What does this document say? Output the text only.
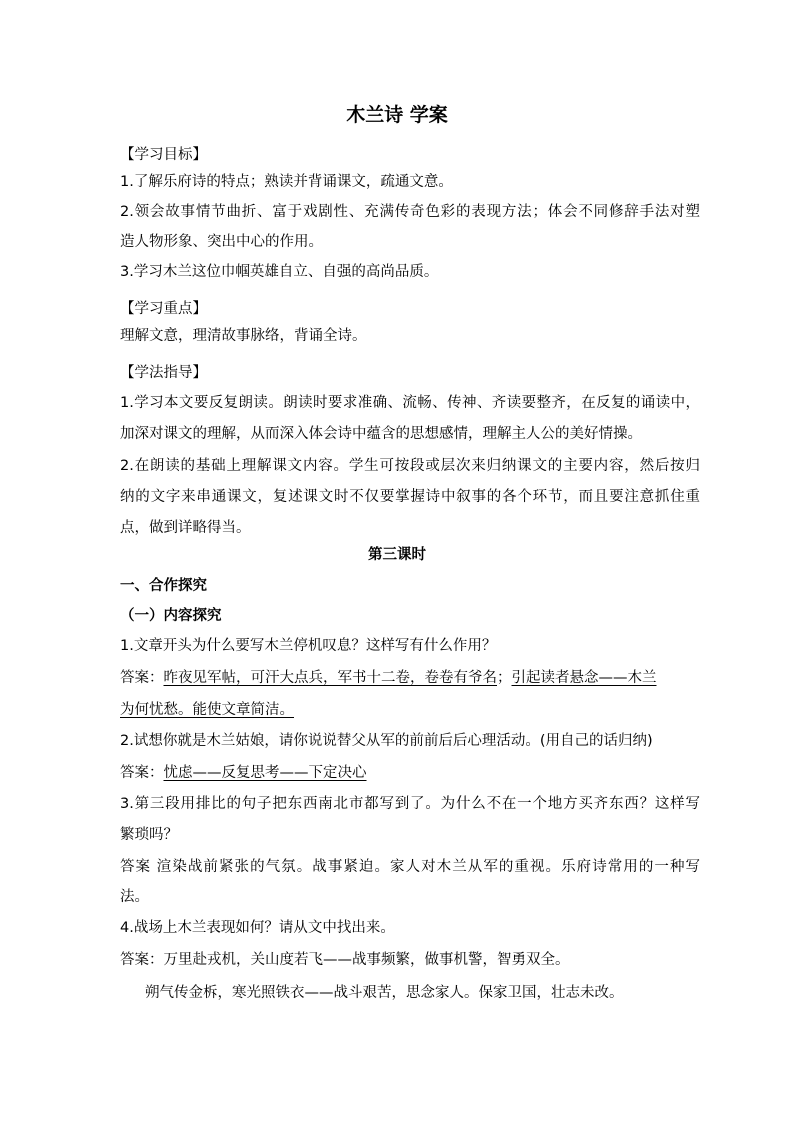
木兰诗 学案
【学习目标】
1.了解乐府诗的特点；熟读并背诵课文，疏通文意。
2.领会故事情节曲折、富于戏剧性、充满传奇色彩的表现方法；体会不同修辞手法对塑
造人物形象、突出中心的作用。
3.学习木兰这位巾帼英雄自立、自强的高尚品质。
【学习重点】
理解文意，理清故事脉络，背诵全诗。
【学法指导】
1.学习本文要反复朗读。朗读时要求准确、流畅、传神、齐读要整齐，在反复的诵读中，
加深对课文的理解，从而深入体会诗中蕴含的思想感情，理解主人公的美好情操。
2.在朗读的基础上理解课文内容。学生可按段或层次来归纳课文的主要内容，然后按归
纳的文字来串通课文，复述课文时不仅要掌握诗中叙事的各个环节，而且要注意抓住重
点，做到详略得当。
第三课时
一、合作探究
（一）内容探究
1.文章开头为什么要写木兰停机叹息？这样写有什么作用？
答案：昨夜见军帖，可汗大点兵，军书十二卷，卷卷有爷名；引起读者悬念——木兰
为何忧愁。能使文章简洁。
2.试想你就是木兰姑娘，请你说说替父从军的前前后后心理活动。(用自己的话归纳)
答案：忧虑——反复思考——下定决心
3.第三段用排比的句子把东西南北市都写到了。为什么不在一个地方买齐东西？这样写
繁琐吗？
答案 渲染战前紧张的气氛。战事紧迫。家人对木兰从军的重视。乐府诗常用的一种写
法。
4.战场上木兰表现如何？请从文中找出来。
答案：万里赴戎机，关山度若飞——战事频繁，做事机警，智勇双全。
朔气传金柝，寒光照铁衣——战斗艰苦，思念家人。保家卫国，壮志未改。
